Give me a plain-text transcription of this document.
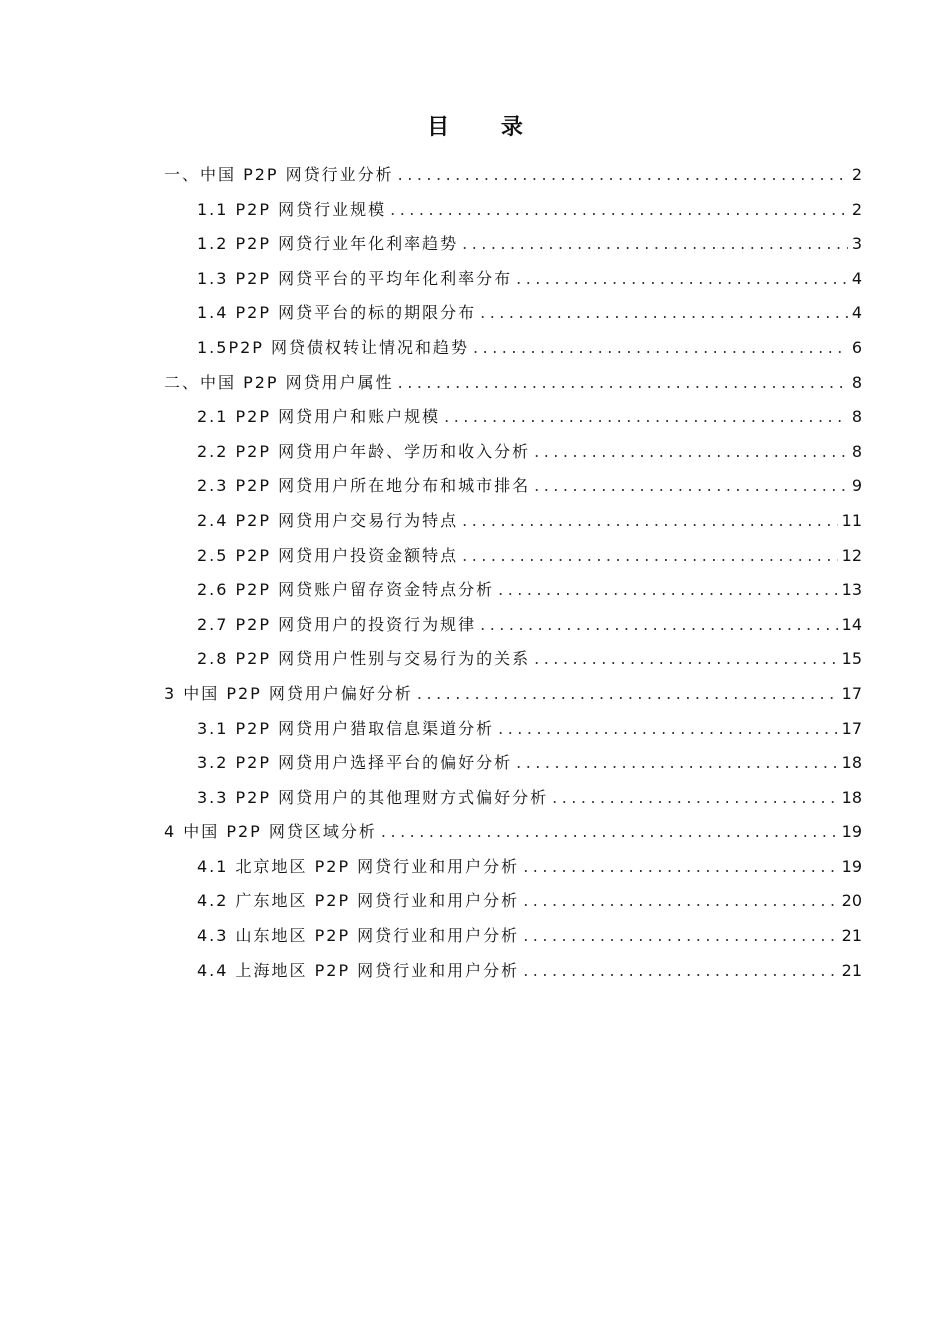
目 录
一、中国 P2P 网贷行业分析 .....	2
1.1 P2P 网贷行业规模 .....	2
1.2 P2P 网贷行业年化利率趋势 .....	3
1.3 P2P 网贷平台的平均年化利率分布 .....	4
1.4 P2P 网贷平台的标的期限分布 .....	4
1.5P2P 网贷债权转让情况和趋势 .....	6
二、中国 P2P 网贷用户属性 .....	8
2.1 P2P 网贷用户和账户规模 .....	8
2.2 P2P 网贷用户年龄、学历和收入分析 .....	8
2.3 P2P 网贷用户所在地分布和城市排名 .....	9
2.4 P2P 网贷用户交易行为特点 .....	11
2.5 P2P 网贷用户投资金额特点 .....	12
2.6 P2P 网贷账户留存资金特点分析 .....	13
2.7 P2P 网贷用户的投资行为规律 .....	14
2.8 P2P 网贷用户性别与交易行为的关系 .....	15
3 中国 P2P 网贷用户偏好分析 .....	17
3.1 P2P 网贷用户猎取信息渠道分析 .....	17
3.2 P2P 网贷用户选择平台的偏好分析 .....	18
3.3 P2P 网贷用户的其他理财方式偏好分析 .....	18
4 中国 P2P 网贷区域分析 .....	19
4.1 北京地区 P2P 网贷行业和用户分析 .....	19
4.2 广东地区 P2P 网贷行业和用户分析 .....	20
4.3 山东地区 P2P 网贷行业和用户分析 .....	21
4.4 上海地区 P2P 网贷行业和用户分析 .....	21
